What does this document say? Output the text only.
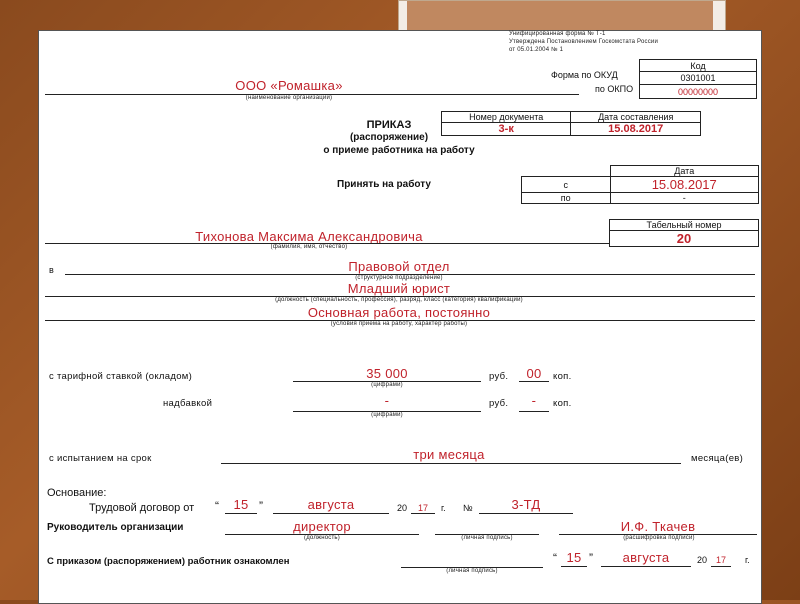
Унифицированная форма № Т-1
Утверждена Постановлением Госкомстата России
от 05.01.2004 № 1
Код
0301001
00000000
Форма по ОКУД
по ОКПО
ООО «Ромашка»
(наименование организации)
ПРИКАЗ
(распоряжение)
о приеме работника на работу
Номер документа	Дата составления
3-к	15.08.2017
Принять на работу
	Дата
с	15.08.2017
по	-
Табельный номер
20
Тихонова Максима Александровича
(фамилия, имя, отчество)
в	Правовой отдел
(структурное подразделение)
Младший юрист
(должность (специальность, профессия), разряд, класс (категория) квалификации)
Основная работа, постоянно
(условия приема на работу, характер работы)
с тарифной ставкой (окладом)	35 000
(цифрами)
руб.	00	коп.
надбавкой	-
(цифрами)
руб.	-	коп.
с испытанием на срок	три месяца	месяца(ев)
Основание:
Трудовой договор от “	15 ”	августа	20	17	г. №	3-ТД
Руководитель организации	директор
(должность)	(личная подпись)
И.Ф. Ткачев
(расшифровка подписи)
С приказом (распоряжением) работник ознакомлен
(личная подпись)
“ 15 ”	августа	20 17	г.
